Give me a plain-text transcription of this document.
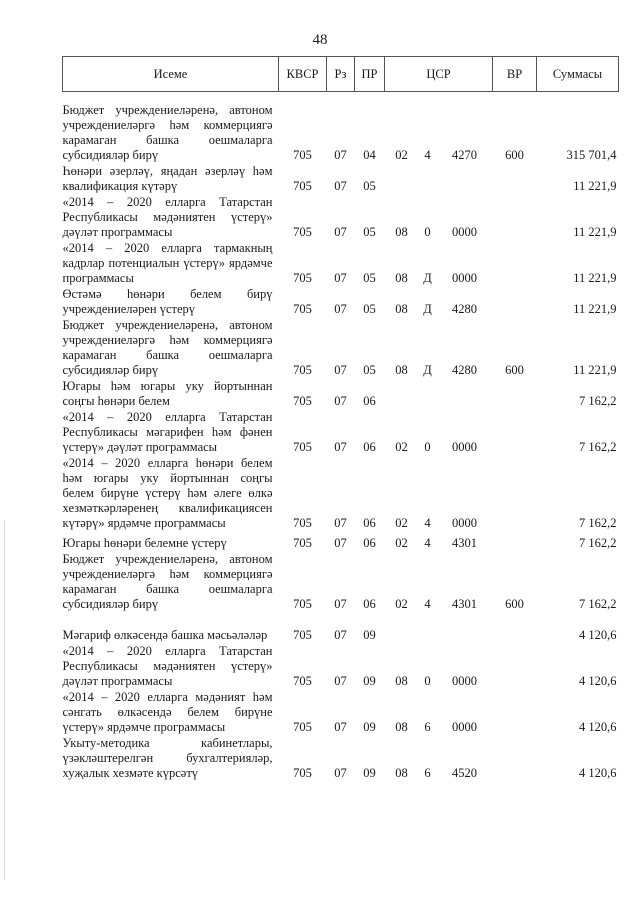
48
Исеме	КВСР	Рз	ПР	ЦСР			ВР	Суммасы
Бюджет учреждениеләренә, автоном учреждениеләргә һәм коммерциягә карамаган башка оешмаларга субсидияләр бирү	705	07	04	02	4	4270	600	315 701,4
Һөнәри әзерләү, яңадан әзерләү һәм квалификация күтәрү	705	07	05					11 221,9
«2014 – 2020 елларга Татарстан Республикасы мәдәниятен үстерү» дәүләт программасы	705	07	05	08	0	0000		11 221,9
«2014 – 2020 елларга тармакның кадрлар потенциалын үстерү» ярдәмче программасы	705	07	05	08	Д	0000		11 221,9
Өстәмә һөнәри белем бирү учреждениеләрен үстерү	705	07	05	08	Д	4280		11 221,9
Бюджет учреждениеләренә, автоном учреждениеләргә һәм коммерциягә карамаган башка оешмаларга субсидияләр бирү	705	07	05	08	Д	4280	600	11 221,9
Югары һәм югары уку йортыннан соңгы һөнәри белем	705	07	06					7 162,2
«2014 – 2020 елларга Татарстан Республикасы мәгарифен һәм фәнен үстерү» дәүләт программасы	705	07	06	02	0	0000		7 162,2
«2014 – 2020 елларга һөнәри белем һәм югары уку йортыннан соңгы белем бирүне үстерү һәм әлеге өлкә хезмәткәрләренең квалификациясен күтәрү» ярдәмче программасы	705	07	06	02	4	0000		7 162,2
Югары һөнәри белемне үстерү	705	07	06	02	4	4301		7 162,2
Бюджет учреждениеләренә, автоном учреждениеләргә һәм коммерциягә карамаган башка оешмаларга субсидияләр бирү	705	07	06	02	4	4301	600	7 162,2
Мәгариф өлкәсендә башка мәсьәләләр	705	07	09					4 120,6
«2014 – 2020 елларга Татарстан Республикасы мәдәниятен үстерү» дәүләт программасы	705	07	09	08	0	0000		4 120,6
«2014 – 2020 елларга мәдәният һәм сәнгать өлкәсендә белем бирүне үстерү» ярдәмче программасы	705	07	09	08	6	0000		4 120,6
Укыту-методика кабинетлары, үзәкләштерелгән бухгалтерияләр, хуҗалык хезмәте күрсәтү	705	07	09	08	6	4520		4 120,6
